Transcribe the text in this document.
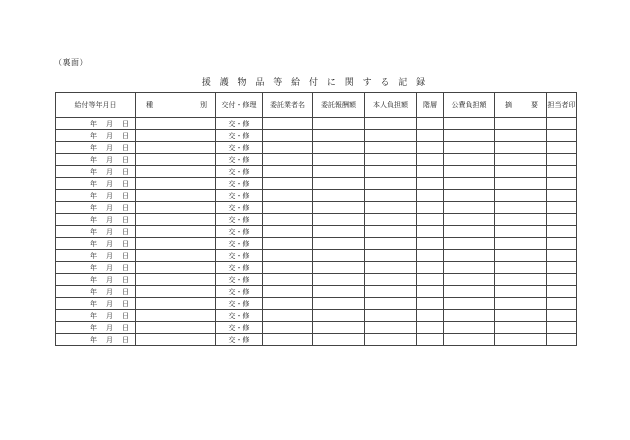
（裏面）
援 護 物 品 等 給 付 に 関 す る 記 録
給付等年月日	種 別	交付・修理	委託業者名	委託報酬額	本人負担額	階層	公費負担額	摘 要	担当者印

年 月 日		交・修							

年 月 日		交・修							

年 月 日		交・修							

年 月 日		交・修							

年 月 日		交・修							

年 月 日		交・修							

年 月 日		交・修							

年 月 日		交・修							

年 月 日		交・修							

年 月 日		交・修							

年 月 日		交・修							

年 月 日		交・修							

年 月 日		交・修							

年 月 日		交・修							

年 月 日		交・修							

年 月 日		交・修							

年 月 日		交・修							

年 月 日		交・修							

年 月 日		交・修							
